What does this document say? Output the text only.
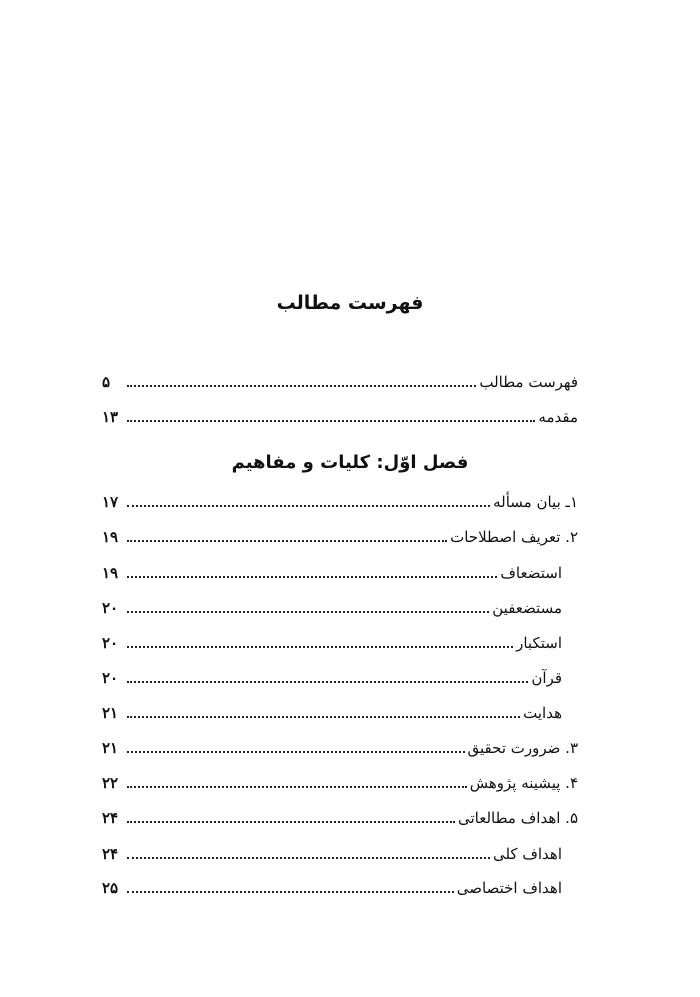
فهرست مطالب
فهرست مطالب
۵
مقدمه
۱۳
فصل اوّل: کلیات و مفاهیم
۱ـ بیان مسأله
۱۷
۲. تعریف اصطلاحات
۱۹
استضعاف
۱۹
مستضعفین
۲۰
استکبار
۲۰
قرآن
۲۰
هدایت
۲۱
۳. ضرورت تحقیق
۲۱
۴. پیشینه پژوهش
۲۲
۵. اهداف مطالعاتی
۲۴
اهداف کلی
۲۴
اهداف اختصاصی
۲۵
